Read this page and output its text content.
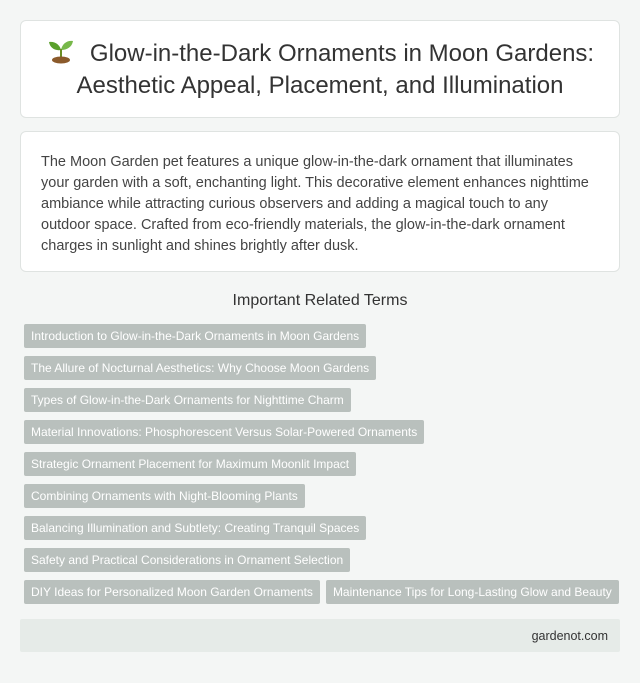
Glow-in-the-Dark Ornaments in Moon Gardens: Aesthetic Appeal, Placement, and Illumination

The Moon Garden pet features a unique glow-in-the-dark ornament that illuminates your garden with a soft, enchanting light. This decorative element enhances nighttime ambiance while attracting curious observers and adding a magical touch to any outdoor space. Crafted from eco-friendly materials, the glow-in-the-dark ornament charges in sunlight and shines brightly after dusk.

Important Related Terms
Introduction to Glow-in-the-Dark Ornaments in Moon Gardens
The Allure of Nocturnal Aesthetics: Why Choose Moon Gardens
Types of Glow-in-the-Dark Ornaments for Nighttime Charm
Material Innovations: Phosphorescent Versus Solar-Powered Ornaments
Strategic Ornament Placement for Maximum Moonlit Impact
Combining Ornaments with Night-Blooming Plants
Balancing Illumination and Subtlety: Creating Tranquil Spaces
Safety and Practical Considerations in Ornament Selection
DIY Ideas for Personalized Moon Garden Ornaments	Maintenance Tips for Long-Lasting Glow and Beauty
gardenot.com
